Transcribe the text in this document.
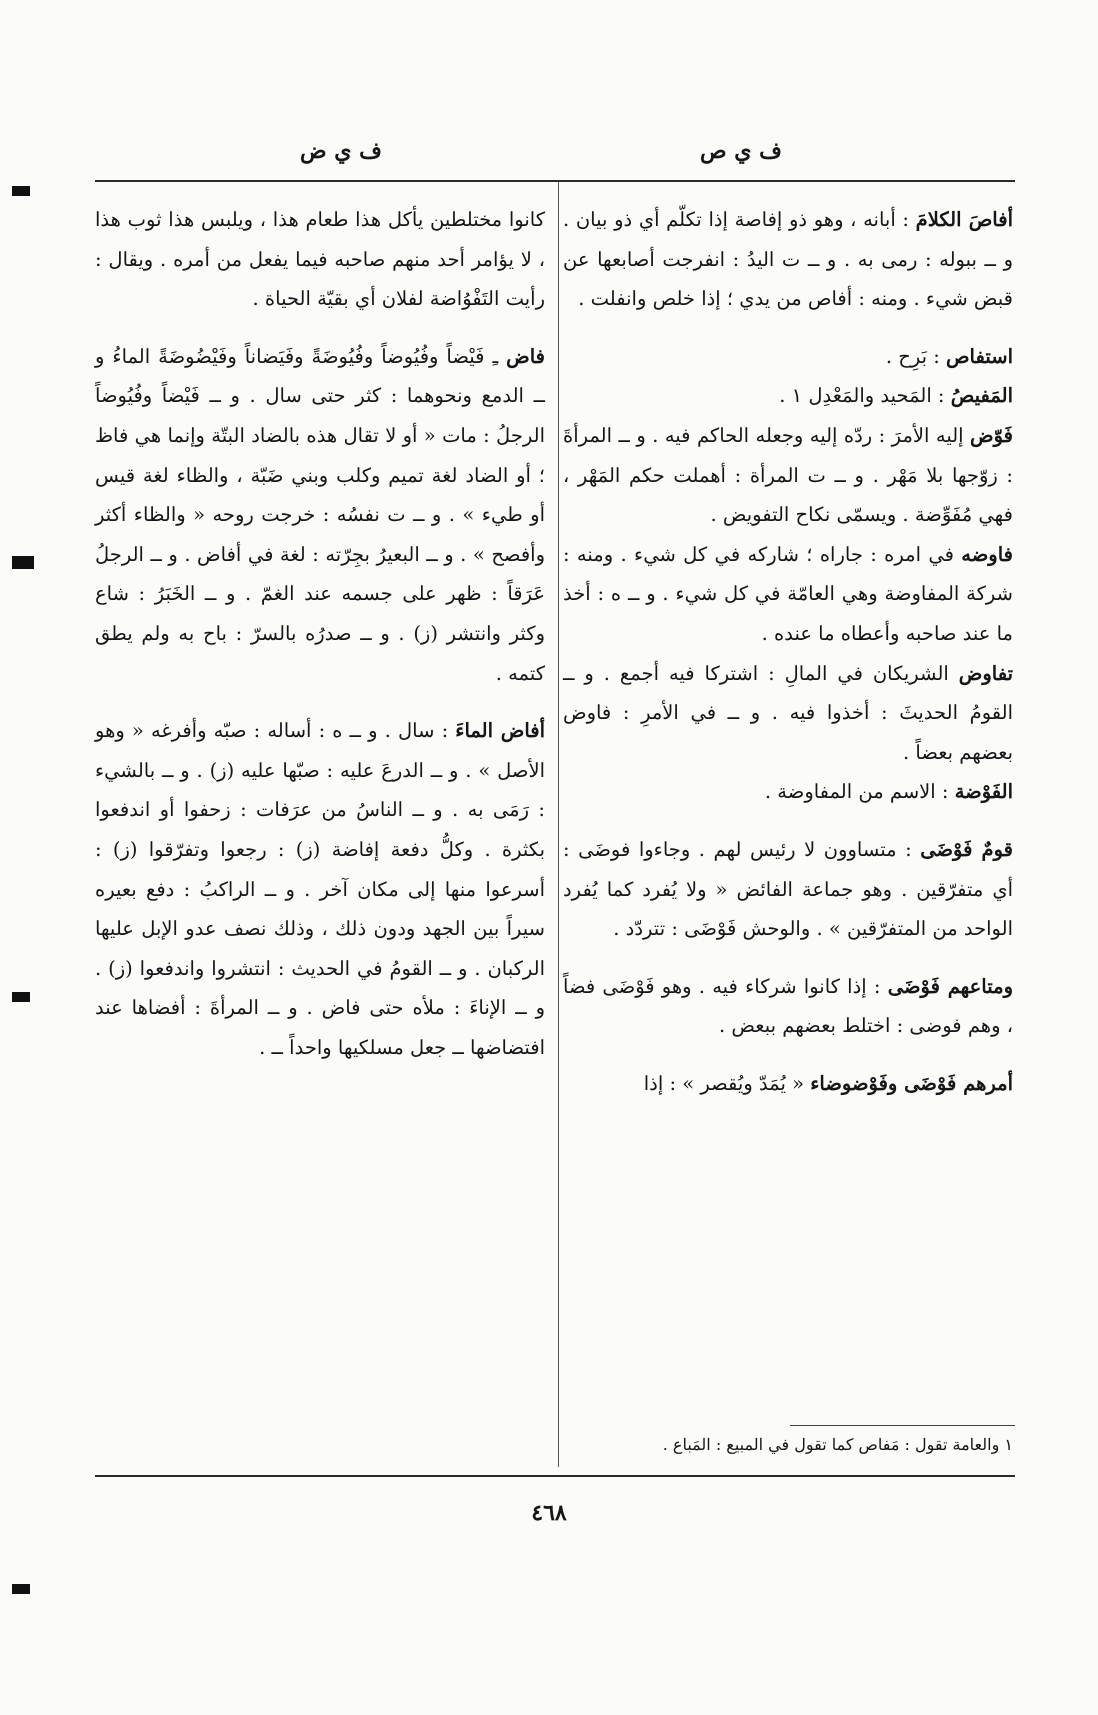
ف ي ص
ف ي ض

أفاصَ الكلامَ : أبانه ، وهو ذو إفاصة إذا تكلّم أي ذو بيان . و ــ ببوله : رمى به . و ــ ت اليدُ : انفرجت أصابعها عن قبض شيء . ومنه : أفاص من يدي ؛ إذا خلص وانفلت .

استفاص : بَرِح .

المَفيصُ : المَحيد والمَعْدِل ١ .

فَوّض إليه الأمرَ : ردّه إليه وجعله الحاكم فيه . و ــ المرأةَ : زوّجها بلا مَهْر . و ــ ت المرأة : أهملت حكم المَهْر ، فهي مُفَوِّضة . ويسمّى نكاح التفويض .

فاوضه في امره : جاراه ؛ شاركه في كل شيء . ومنه : شركة المفاوضة وهي العامّة في كل شيء . و ــ ه : أخذ ما عند صاحبه وأعطاه ما عنده .

تفاوض الشريكان في المالِ : اشتركا فيه أجمع . و ــ القومُ الحديثَ : أخذوا فيه . و ــ في الأمرِ : فاوض بعضهم بعضاً .

الفَوْضة : الاسم من المفاوضة .

قومٌ فَوْضَى : متساوون لا رئيس لهم . وجاءوا فوضَى : أي متفرّقين . وهو جماعة الفائض « ولا يُفرد كما يُفرد الواحد من المتفرّقين » . والوحش فَوْضَى : تتردّد .

ومتاعهم فَوْضَى : إذا كانوا شركاء فيه . وهو فَوْضَى فضاً ، وهم فوضى : اختلط بعضهم ببعض .

أمرهم فَوْضَى وفَوْضوضاء « يُمَدّ ويُقصر » : إذا

كانوا مختلطين يأكل هذا طعام هذا ، ويلبس هذا ثوب هذا ، لا يؤامر أحد منهم صاحبه فيما يفعل من أمره . ويقال : رأيت التَفْوُاضة لفلان أي بقيّة الحياة .

فاض ـِ فَيْضاً وفُيُوضاً وفُيُوضَةً وفَيَضاناً وفَيْضُوضَةً الماءُ و ــ الدمع ونحوهما : كثر حتى سال . و ــ فَيْضاً وفُيُوضاً الرجلُ : مات « أو لا تقال هذه بالضاد البتّة وإنما هي فاظ ؛ أو الضاد لغة تميم وكلب وبني ضَبّة ، والظاء لغة قيس أو طيء » . و ــ ت نفسُه : خرجت روحه « والظاء أكثر وأفصح » . و ــ البعيرُ بجِرّته : لغة في أفاض . و ــ الرجلُ عَرَقاً : ظهر على جسمه عند الغمّ . و ــ الخَبَرُ : شاع وكثر وانتشر (ز) . و ــ صدرُه بالسرّ : باح به ولم يطق كتمه .

أفاض الماءَ : سال . و ــ ه : أساله : صبّه وأفرغه « وهو الأصل » . و ــ الدرعَ عليه : صبّها عليه (ز) . و ــ بالشيء : رَمَى به . و ــ الناسُ من عرَفات : زحفوا أو اندفعوا بكثرة . وكلُّ دفعة إفاضة (ز) : رجعوا وتفرّقوا (ز) : أسرعوا منها إلى مكان آخر . و ــ الراكبُ : دفع بعيره سيراً بين الجهد ودون ذلك ، وذلك نصف عدو الإبل عليها الركبان . و ــ القومُ في الحديث : انتشروا واندفعوا (ز) . و ــ الإناءَ : ملأه حتى فاض . و ــ المرأةَ : أفضاها عند افتضاضها ــ جعل مسلكيها واحداً ــ .

١ والعامة تقول : مَفاص كما تقول في المبيع : المَباع .
٤٦٨
